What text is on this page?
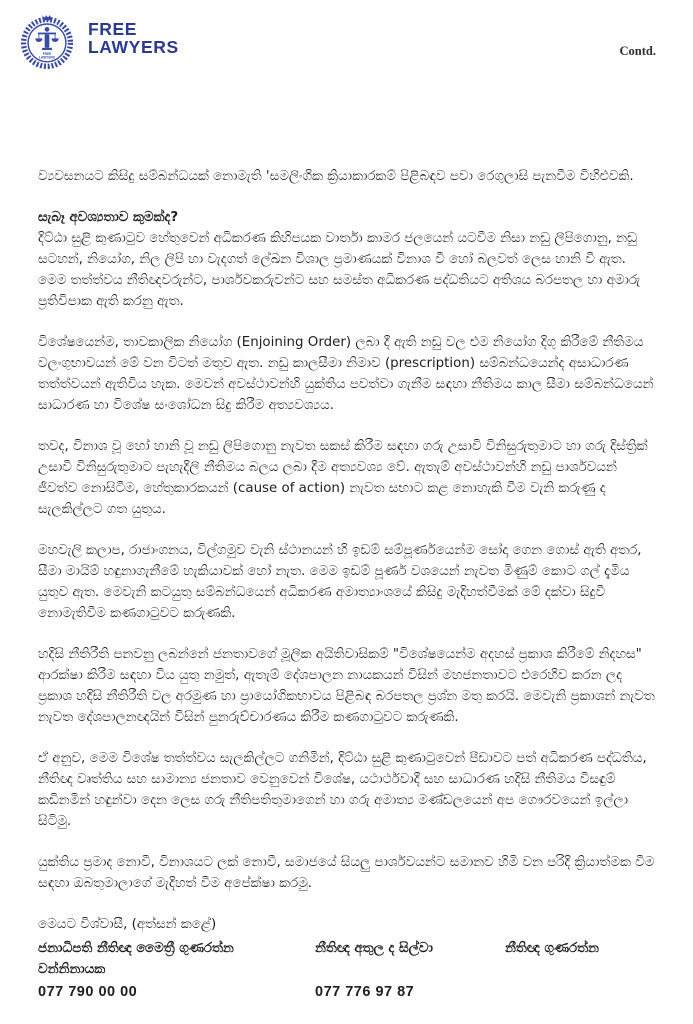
FREE
LAWYERS
FREE
LAWYERS	Contd.

ව්‍යවසනයට කිසිදු සම්බන්ධයක් නොමැති 'සමලිංගික ක්‍රියාකාරකම් පිළිබඳව පවා රෙගුලාසි පැනවීම විහිළුවකි.

සැබෑ අවශ්‍යතාව කුමක්ද?

දිට්ඨා සුළි කුණාටුව හේතුවෙන් අධිකරණ කිහිපයක වාර්තා කාමර ජලයෙන් යටවීම නිසා නඩු ලිපිගොනු, නඩු සටහන්, නියෝග, නිල ලිපි හා වැදගත් ලේඛන විශාල ප්‍රමාණයක් විනාශ වී හෝ බලවත් ලෙස හානි වී ඇත. මෙම තත්ත්වය නීතිඥවරුන්ට, පාර්ශවකරුවන්ට සහ සමස්ත අධිකරණ පද්ධතියට අතිශය බරපතල හා අමාරු ප්‍රතිවිපාක ඇති කරනු ඇත.

විශේෂයෙන්ම, තාවකාලික නියෝග (Enjoining Order) ලබා දී ඇති නඩු වල එම නියෝග දිගු කිරීමේ නීතිමය වලංගුභාවයන් මේ වන විටත් මතුව ඇත. නඩු කාලසීමා නිමාව (prescription) සම්බන්ධයෙන්ද අසාධාරණ තත්ත්වයන් ඇතිවිය හැක. මෙවන් අවස්ථාවන්හි යුක්තිය පවත්වා ගැනීම සඳහා නීතිමය කාල සීමා සම්බන්ධයෙන් සාධාරණ හා විශේෂ සංශෝධන සිදු කිරීම අත්‍යවශ්‍යය.

තවද, විනාශ වූ හෝ හානි වූ නඩු ලිපිගොනු නැවත සකස් කිරීම සඳහා ගරු උසාවි විනිසුරුතුමාට හා ගරු දිස්ත්‍රික් උසාවි විනිසුරුතුමාට පැහැදිලි නීතිමය බලය ලබා දීම අත්‍යවශ්‍ය වේ. ඇතැම් අවස්ථාවන්හි නඩු පාර්ශවයන් ජීවත්ව නොසිටීම, හේතුකාරකයන් (cause of action) නැවත සභාට කළ නොහැකි වීම වැනි කරුණු ද සැලකිල්ලට ගත යුතුය.

මහවැලි කලාප, රාජාංගනය, විල්ගමුව වැනි ස්ථානයන් හි ඉඩම් සම්පූර්ණයෙන්ම සෝදා ගෙන ගොස් ඇති අතර, සීමා මායිම් හඳුනාගැනීමේ හැකියාවක් හෝ නැත. මෙම ඉඩම් පූර්ණ වශයෙන් නැවත මිණුම් කොට ගල් දැමිය යුතුව ඇත. මෙවැනි කටයුතු සම්බන්ධයෙන් අධිකරණ අමාත්‍යාංශයේ කිසිදු මැදිහත්වීමක් මේ දක්වා සිදුවී නොමැතිවීම කණගාටුවට කරුණකි.

හදිසි නීතිරීති පනවනු ලබන්නේ ජනතාවගේ මූලික අයිතිවාසිකම් "විශේෂයෙන්ම අදහස් ප්‍රකාශ කිරීමේ නිදහස" ආරක්ෂා කිරීම සඳහා විය යුතු නමුත්, ඇතැම් දේශපාලන නායකයන් විසින් මහජනතාවට එරෙහිව කරන ලද ප්‍රකාශ හදිසි නීතිරීති වල අරමුණ හා ප්‍රායෝගිකභාවය පිළිබඳ බරපතල ප්‍රශ්න මතු කරයි. මෙවැනි ප්‍රකාශන් නැවත නැවත දේශපාලනඥයින් විසින් පුනරුච්චාරණය කිරීම කණගාටුවට කරුණකි.

ඒ අනුව, මෙම විශේෂ තත්ත්වය සැලකිල්ලට ගනිමින්, දිට්ඨා සුළි කුණාටුවෙන් පීඩාවට පත් අධිකරණ පද්ධතිය, නීතිඥ වෘත්තිය සහ සාමාන්‍ය ජනතාව වෙනුවෙන් විශේෂ, යථාර්ථවාදී සහ සාධාරණ හදිසි නීතිමය විසඳුම් කඩිනමින් හඳුන්වා දෙන ලෙස ගරු නීතිපතිතුමාගෙන් හා ගරු අමාත්‍ය මණ්ඩලයෙන් අප ගෞරවයෙන් ඉල්ලා සිටිමු.

යුක්තිය ප්‍රමාද නොවී, විනාශයට ලක් නොවී, සමාජයේ සියලු පාර්ශවයන්ට සමානව හිමි වන පරිදි ක්‍රියාත්මක වීම සඳහා ඔබතුමාලාගේ මැදිහත් වීම අපේක්ෂා කරමු.

මෙයට විශ්වාසී, (අත්සන් කළේ)

ජනාධිපති නීතිඥ මෛත්‍රී ගුණරත්න
වන්නිනායක
නීතිඥ අතුල ද සිල්වා	නීතිඥ ගුණරත්න
077 790 00 00	077 776 97 87
